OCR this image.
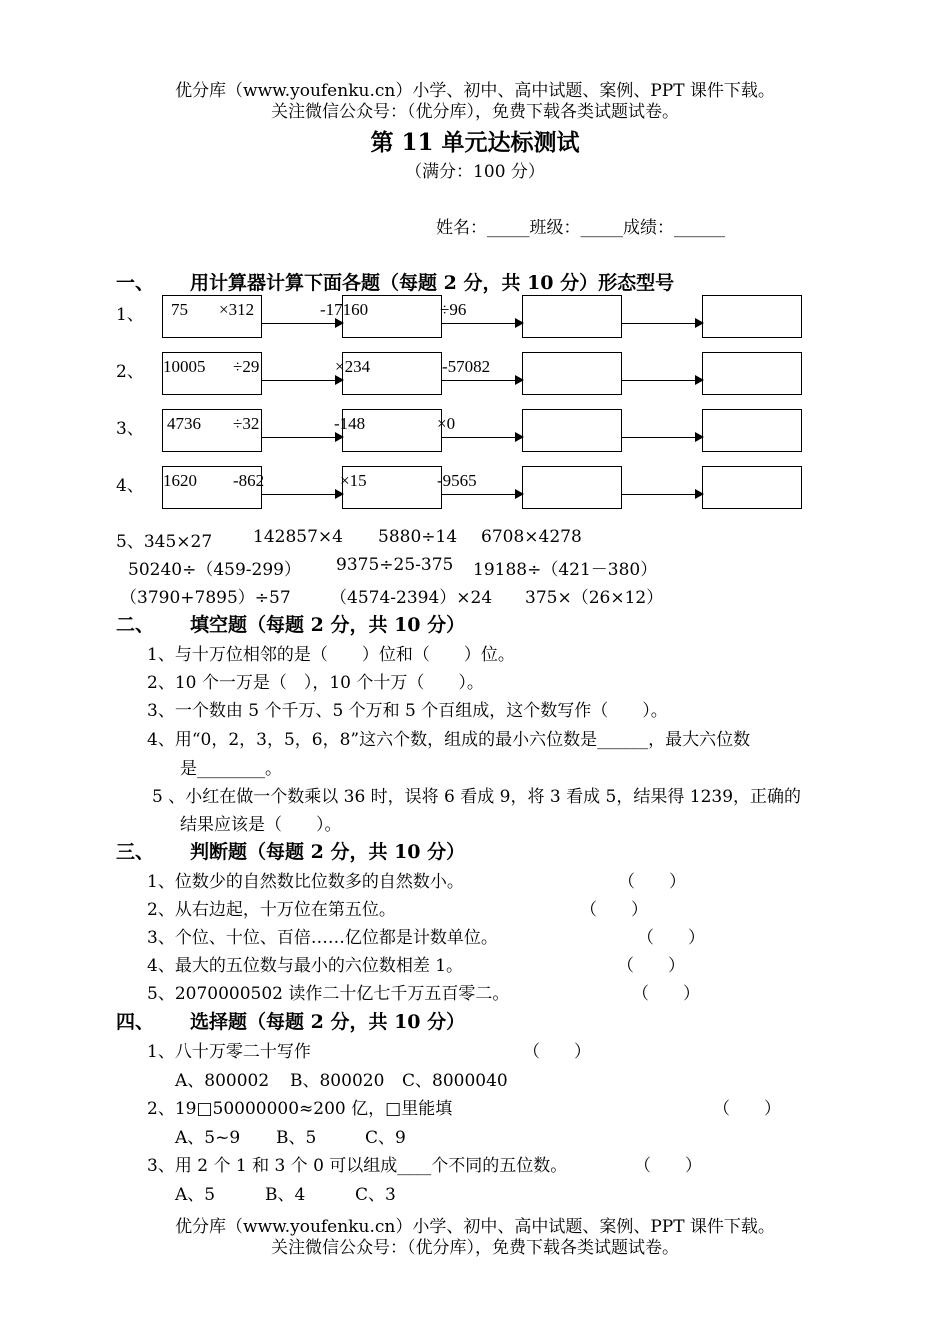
优分库（www.youfenku.cn）小学、初中、高中试题、案例、PPT 课件下载。
关注微信公众号：（优分库），免费下载各类试题试卷。
第 11 单元达标测试
（满分：100 分）
姓名：_____班级：_____成绩：______
一、 用计算器计算下面各题（每题 2 分，共 10 分）形态型号
1、 75 ×312	-17160	÷96
2、 10005 ÷29	×234	-57082
3、 4736 ÷32	-148	×0
4、 1620 -862	×15	-9565
5、345×27 142857×4 5880÷14 6708×4278
50240÷（459-299） 9375÷25-375 19188÷（421－380）
（3790+7895）÷57 （4574-2394）×24 375×（26×12）
二、 填空题（每题 2 分，共 10 分）
1、与十万位相邻的是（　　）位和（　　）位。
2、10 个一万是（　），10 个十万（　　）。
3、一个数由 5 个千万、5 个万和 5 个百组成，这个数写作（　　）。
4、用“0，2，3，5，6，8”这六个数，组成的最小六位数是______，最大六位数
是________。
5 、小红在做一个数乘以 36 时，误将 6 看成 9，将 3 看成 5，结果得 1239，正确的
结果应该是（　　）。
三、 判断题（每题 2 分，共 10 分）
1、位数少的自然数比位数多的自然数小。	（　　）
2、从右边起，十万位在第五位。	（　　）
3、个位、十位、百倍……亿位都是计数单位。	（　　）
4、最大的五位数与最小的六位数相差 1。	（　　）
5、2070000502 读作二十亿七千万五百零二。	（　　）
四、 选择题（每题 2 分，共 10 分）
1、八十万零二十写作	（　　）
A、800002 B、800020 C、8000040
2、19□50000000≈200 亿，□里能填	（　　）
A、5~9 B、5	C、9
3、用 2 个 1 和 3 个 0 可以组成____个不同的五位数。	（　　）
A、5	B、4	C、3
优分库（www.youfenku.cn）小学、初中、高中试题、案例、PPT 课件下载。
关注微信公众号：（优分库），免费下载各类试题试卷。
